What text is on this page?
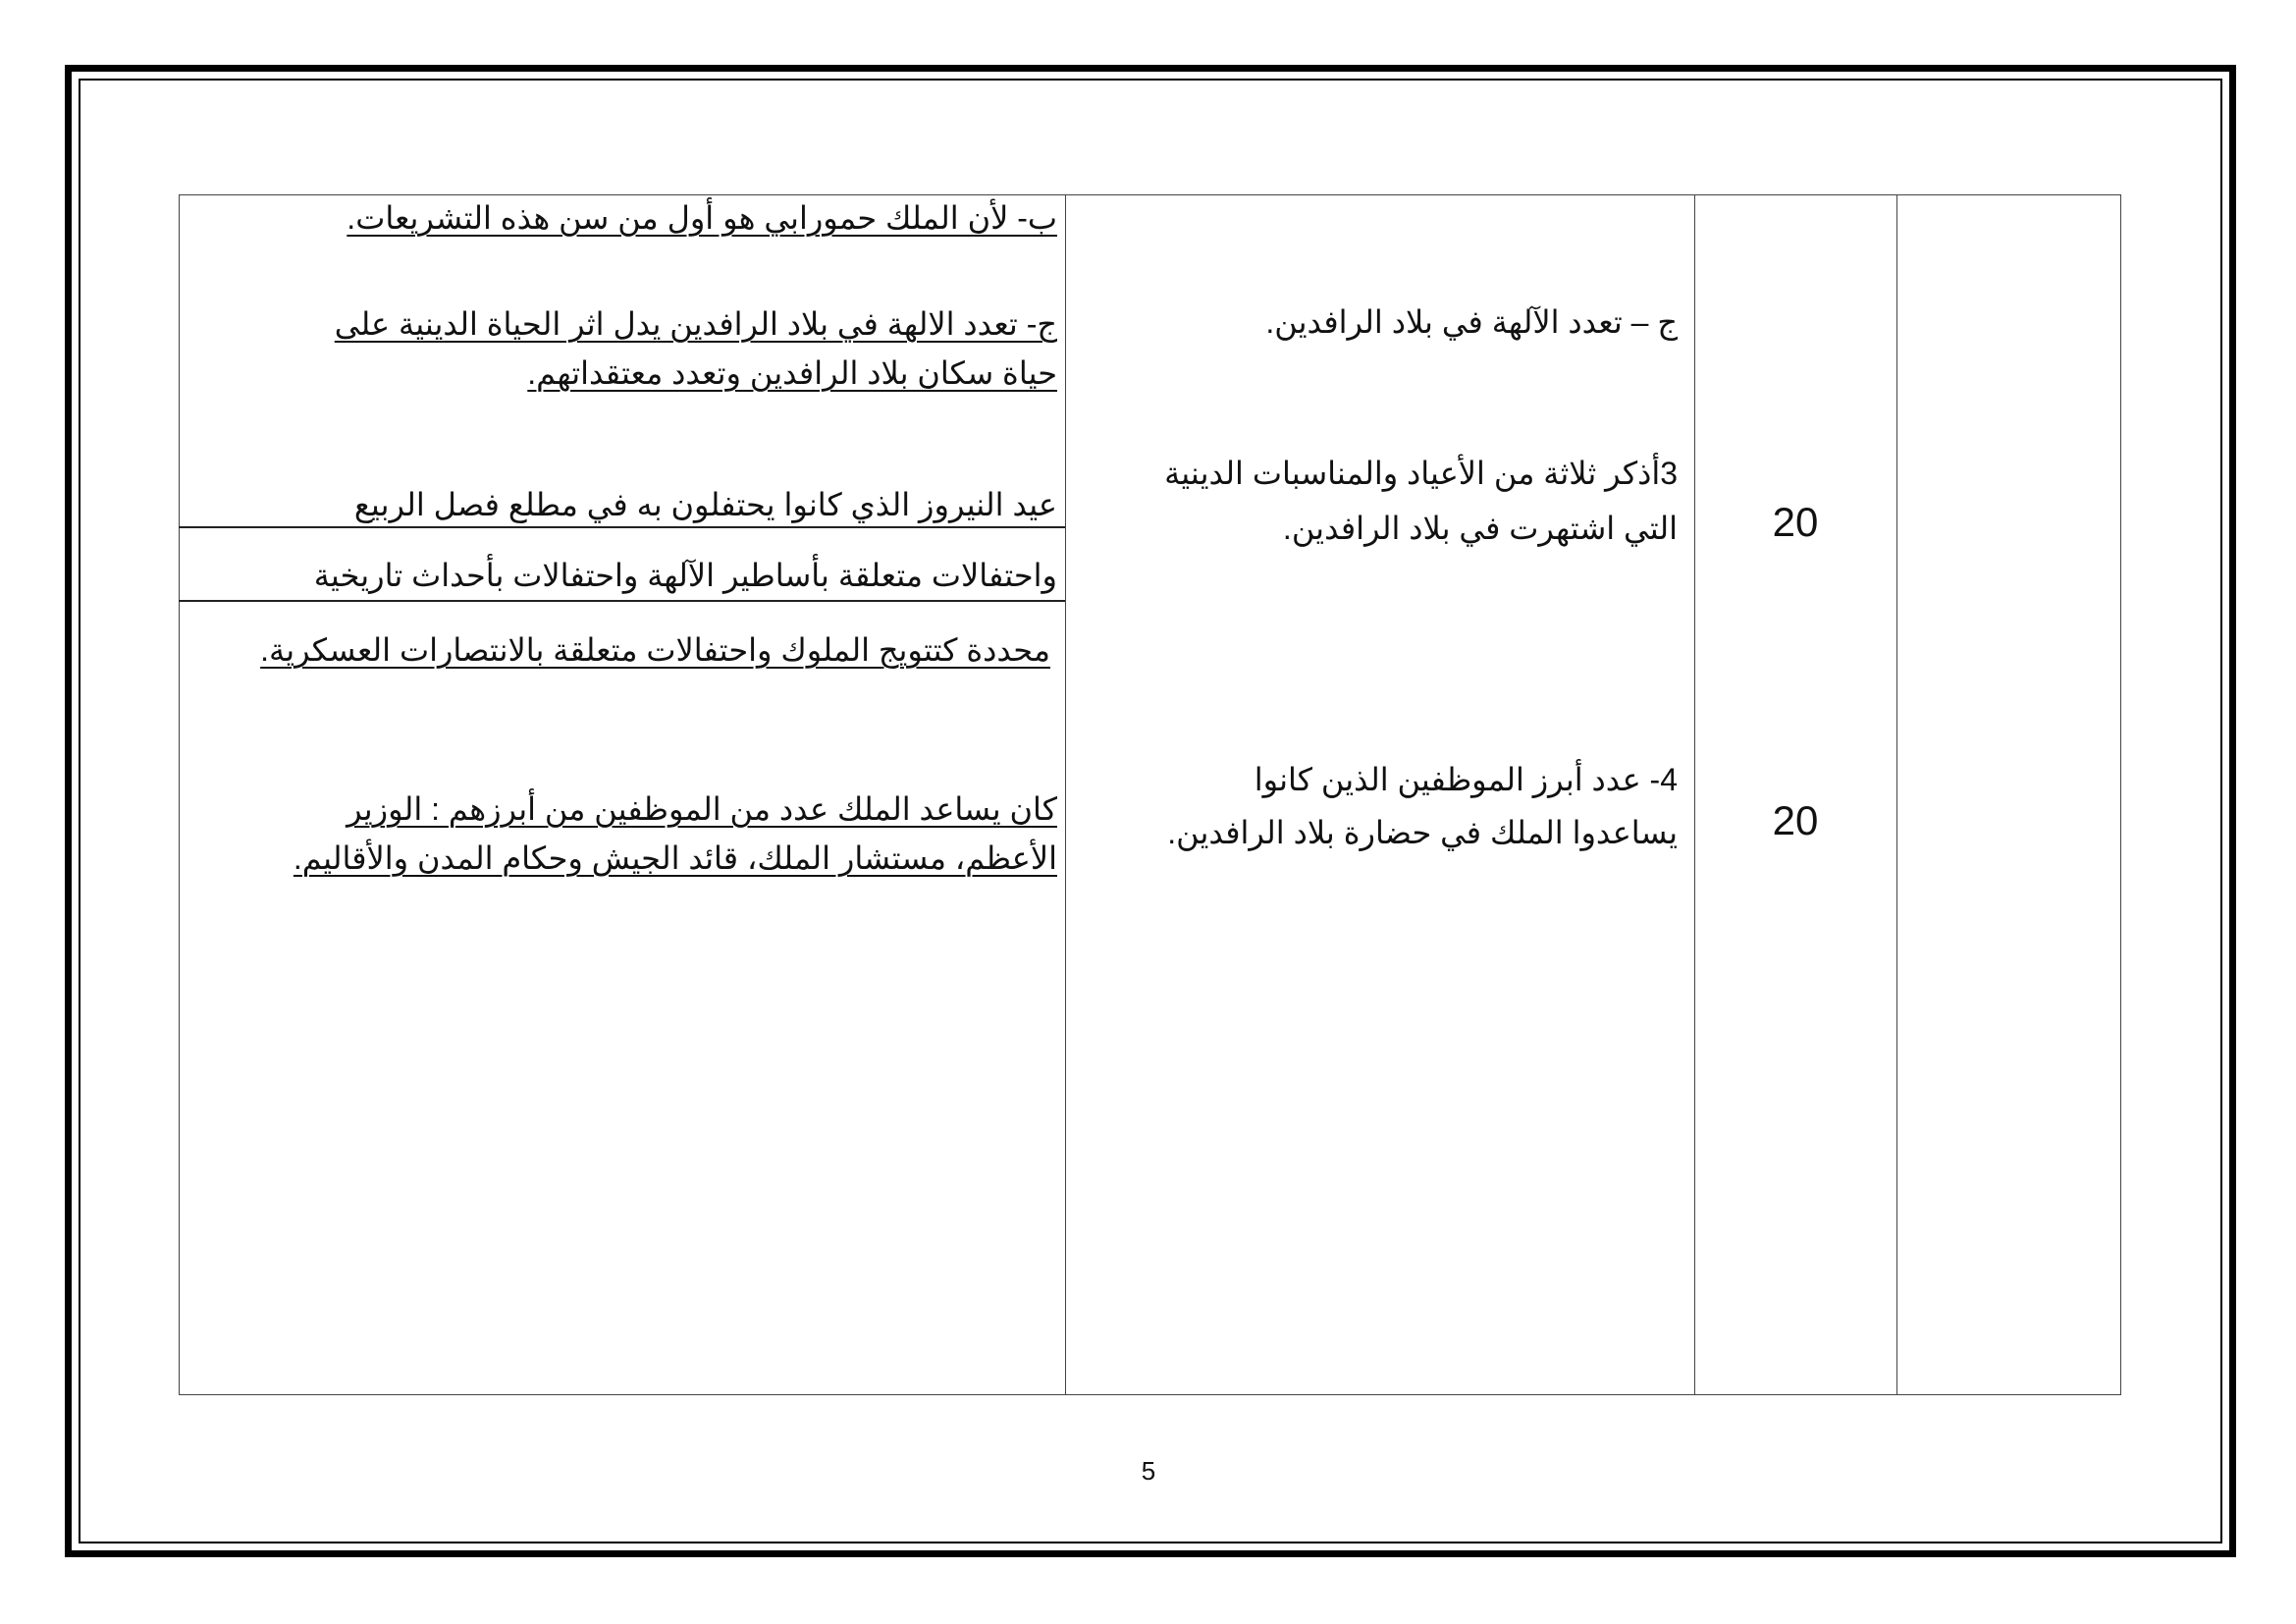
ب- لأن الملك حمورابي هو أول من سن هذه التشريعات.
ج- تعدد الالهة في بلاد الرافدين يدل اثر الحياة الدينية على
حياة سكان بلاد الرافدين وتعدد معتقداتهم.
عيد النيروز الذي كانوا يحتفلون به في مطلع فصل الربيع
واحتفالات متعلقة بأساطير الآلهة واحتفالات بأحداث تاريخية
محددة كتتويج الملوك واحتفالات متعلقة بالانتصارات العسكرية.
كان يساعد الملك عدد من الموظفين من أبرزهم : الوزير
الأعظم، مستشار الملك، قائد الجيش وحكام المدن والأقاليم.
ج – تعدد الآلهة في بلاد الرافدين.
3أذكر ثلاثة من الأعياد والمناسبات الدينية
التي اشتهرت في بلاد الرافدين.
4- عدد أبرز الموظفين الذين كانوا
يساعدوا الملك في حضارة بلاد الرافدين.
20
20
5
